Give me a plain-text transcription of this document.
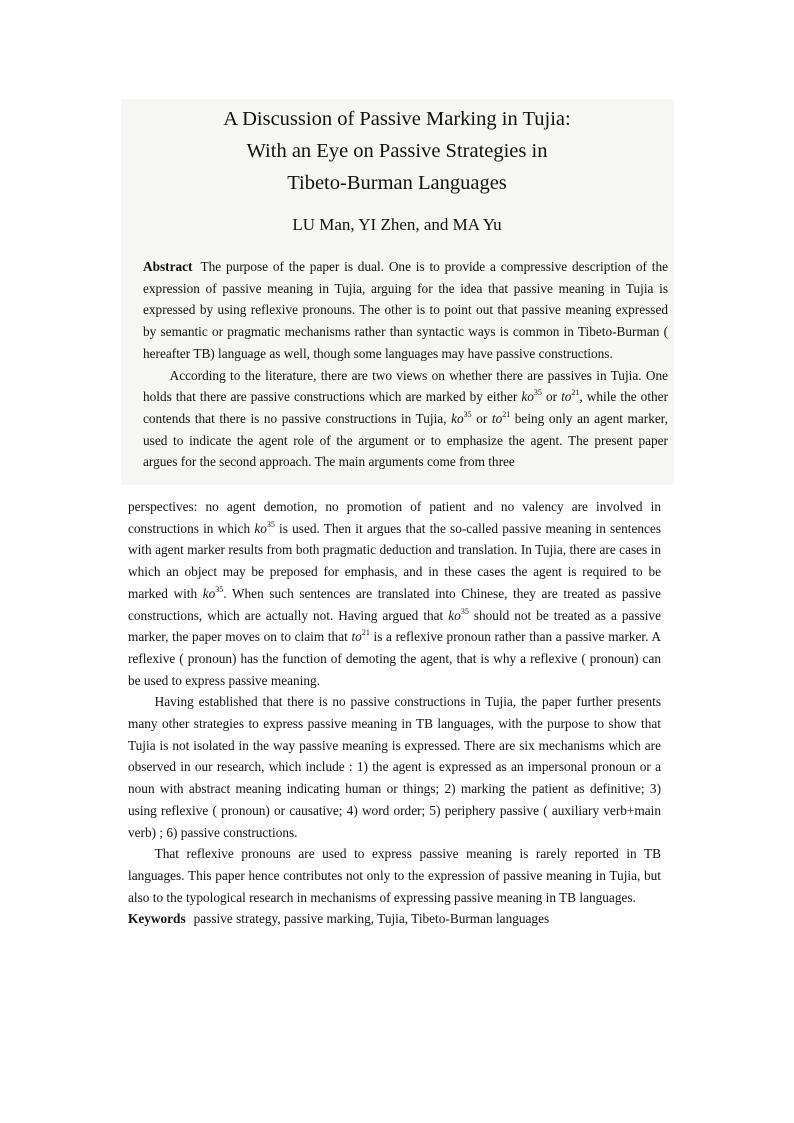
A Discussion of Passive Marking in Tujia:
With an Eye on Passive Strategies in
Tibeto-Burman Languages
LU Man, YI Zhen, and MA Yu

Abstract The purpose of the paper is dual. One is to provide a compressive description of the expression of passive meaning in Tujia, arguing for the idea that passive meaning in Tujia is expressed by using reflexive pronouns. The other is to point out that passive meaning expressed by semantic or pragmatic mechanisms rather than syntactic ways is common in Tibeto-Burman ( hereafter TB) language as well, though some languages may have passive constructions.

According to the literature, there are two views on whether there are passives in Tujia. One holds that there are passive constructions which are marked by either $ko^{35}$ or $to^{21}$, while the other contends that there is no passive constructions in Tujia, $ko^{35}$ or $to^{21}$ being only an agent marker, used to indicate the agent role of the argument or to emphasize the agent. The present paper argues for the second approach. The main arguments come from three

perspectives: no agent demotion, no promotion of patient and no valency are involved in constructions in which $ko^{35}$ is used. Then it argues that the so-called passive meaning in sentences with agent marker results from both pragmatic deduction and translation. In Tujia, there are cases in which an object may be preposed for emphasis, and in these cases the agent is required to be marked with $ko^{35}$. When such sentences are translated into Chinese, they are treated as passive constructions, which are actually not. Having argued that $ko^{35}$ should not be treated as a passive marker, the paper moves on to claim that $to^{21}$ is a reflexive pronoun rather than a passive marker. A reflexive ( pronoun) has the function of demoting the agent, that is why a reflexive ( pronoun) can be used to express passive meaning.

Having established that there is no passive constructions in Tujia, the paper further presents many other strategies to express passive meaning in TB languages, with the purpose to show that Tujia is not isolated in the way passive meaning is expressed. There are six mechanisms which are observed in our research, which include : 1) the agent is expressed as an impersonal pronoun or a noun with abstract meaning indicating human or things; 2) marking the patient as definitive; 3) using reflexive ( pronoun) or causative; 4) word order; 5) periphery passive ( auxiliary verb+main verb) ; 6) passive constructions.

That reflexive pronouns are used to express passive meaning is rarely reported in TB languages. This paper hence contributes not only to the expression of passive meaning in Tujia, but also to the typological research in mechanisms of expressing passive meaning in TB languages.

Keywords passive strategy, passive marking, Tujia, Tibeto-Burman languages
